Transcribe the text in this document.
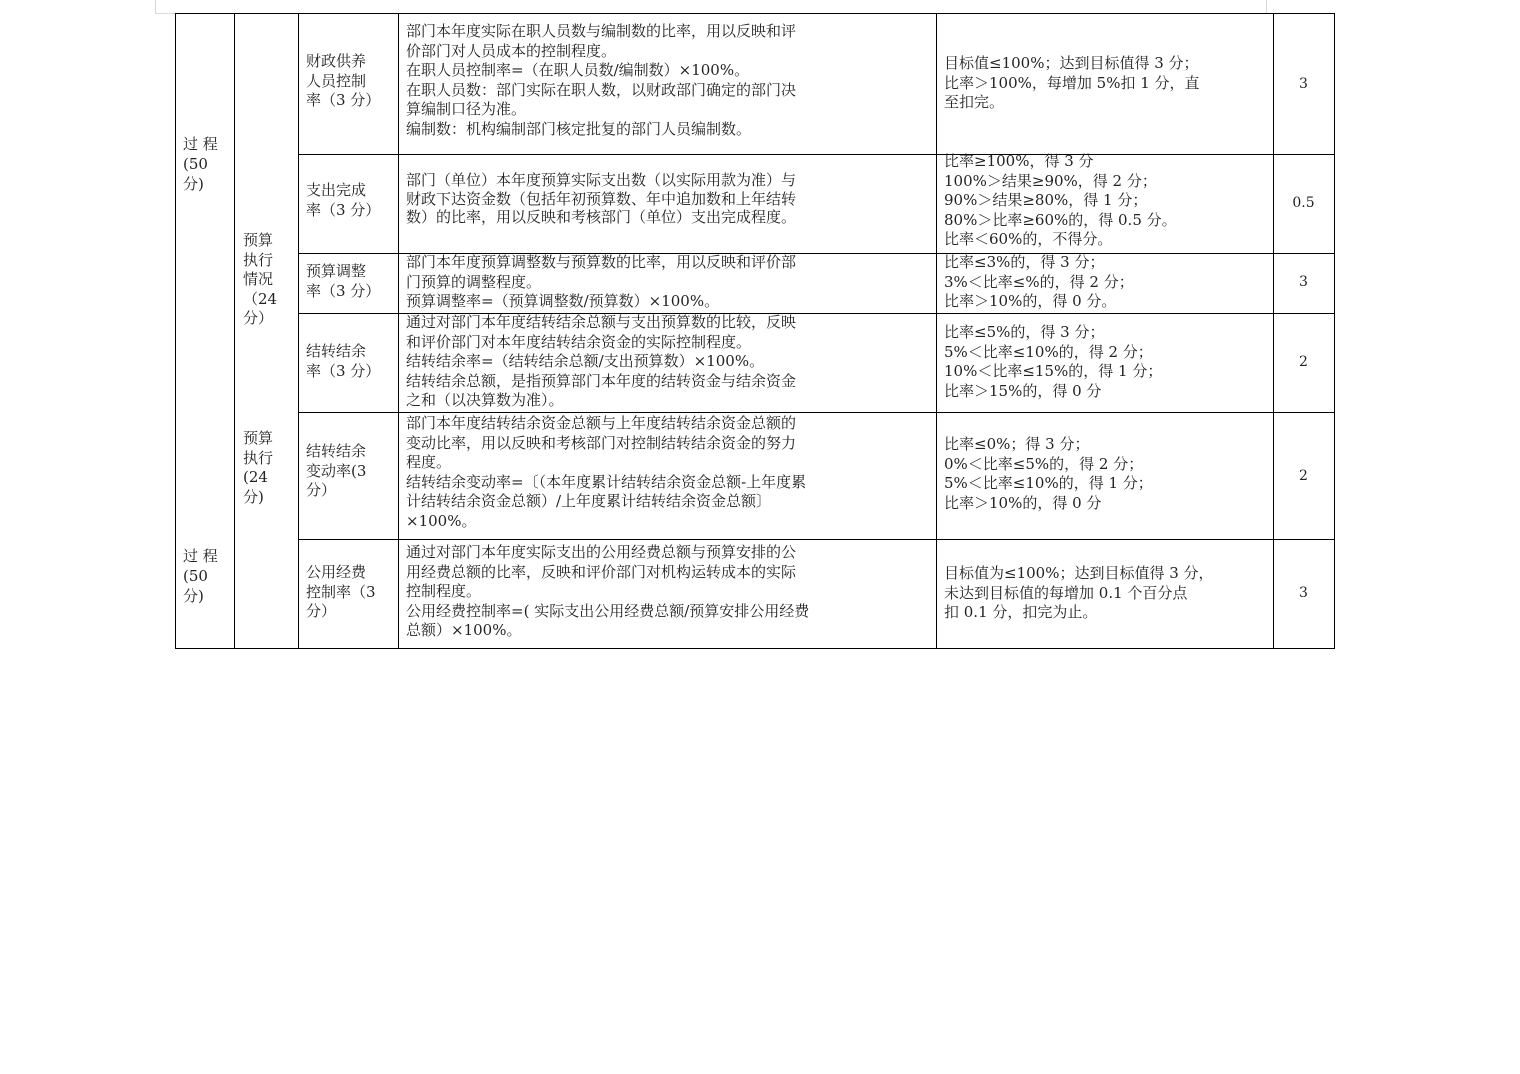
过 程
(50
分)
过 程
(50
分)
预算
执行
情况
（24
分）
预算
执行
(24
分)
财政供养
人员控制
率（3 分）
部门本年度实际在职人员数与编制数的比率，用以反映和评
价部门对人员成本的控制程度。
在职人员控制率=（在职人员数/编制数）×100%。
在职人员数：部门实际在职人数，以财政部门确定的部门决
算编制口径为准。
编制数：机构编制部门核定批复的部门人员编制数。
目标值≤100%；达到目标值得 3 分；
比率＞100%，每增加 5%扣 1 分，直
至扣完。
3
支出完成
率（3 分）
部门（单位）本年度预算实际支出数（以实际用款为准）与
财政下达资金数（包括年初预算数、年中追加数和上年结转
数）的比率，用以反映和考核部门（单位）支出完成程度。
比率≥100%，得 3 分
100%＞结果≥90%，得 2 分；
90%＞结果≥80%，得 1 分；
80%＞比率≥60%的，得 0.5 分。
比率＜60%的，不得分。
0.5
预算调整
率（3 分）
部门本年度预算调整数与预算数的比率，用以反映和评价部
门预算的调整程度。
预算调整率=（预算调整数/预算数）×100%。
比率≤3%的，得 3 分；
3%＜比率≤%的，得 2 分；
比率＞10%的，得 0 分。
3
结转结余
率（3 分）
通过对部门本年度结转结余总额与支出预算数的比较，反映
和评价部门对本年度结转结余资金的实际控制程度。
结转结余率=（结转结余总额/支出预算数）×100%。
结转结余总额，是指预算部门本年度的结转资金与结余资金
之和（以决算数为准）。
比率≤5%的，得 3 分；
5%＜比率≤10%的，得 2 分；
10%＜比率≤15%的，得 1 分；
比率＞15%的，得 0 分
2
结转结余
变动率(3
分）
部门本年度结转结余资金总额与上年度结转结余资金总额的
变动比率，用以反映和考核部门对控制结转结余资金的努力
程度。
结转结余变动率=〔（本年度累计结转结余资金总额-上年度累
计结转结余资金总额）/上年度累计结转结余资金总额〕
×100%。
比率≤0%；得 3 分；
0%＜比率≤5%的，得 2 分；
5%＜比率≤10%的，得 1 分；
比率＞10%的，得 0 分
2
公用经费
控制率（3
分）
通过对部门本年度实际支出的公用经费总额与预算安排的公
用经费总额的比率，反映和评价部门对机构运转成本的实际
控制程度。
公用经费控制率=( 实际支出公用经费总额/预算安排公用经费
总额）×100%。
目标值为≤100%；达到目标值得 3 分，
未达到目标值的每增加 0.1 个百分点
扣 0.1 分，扣完为止。
3
